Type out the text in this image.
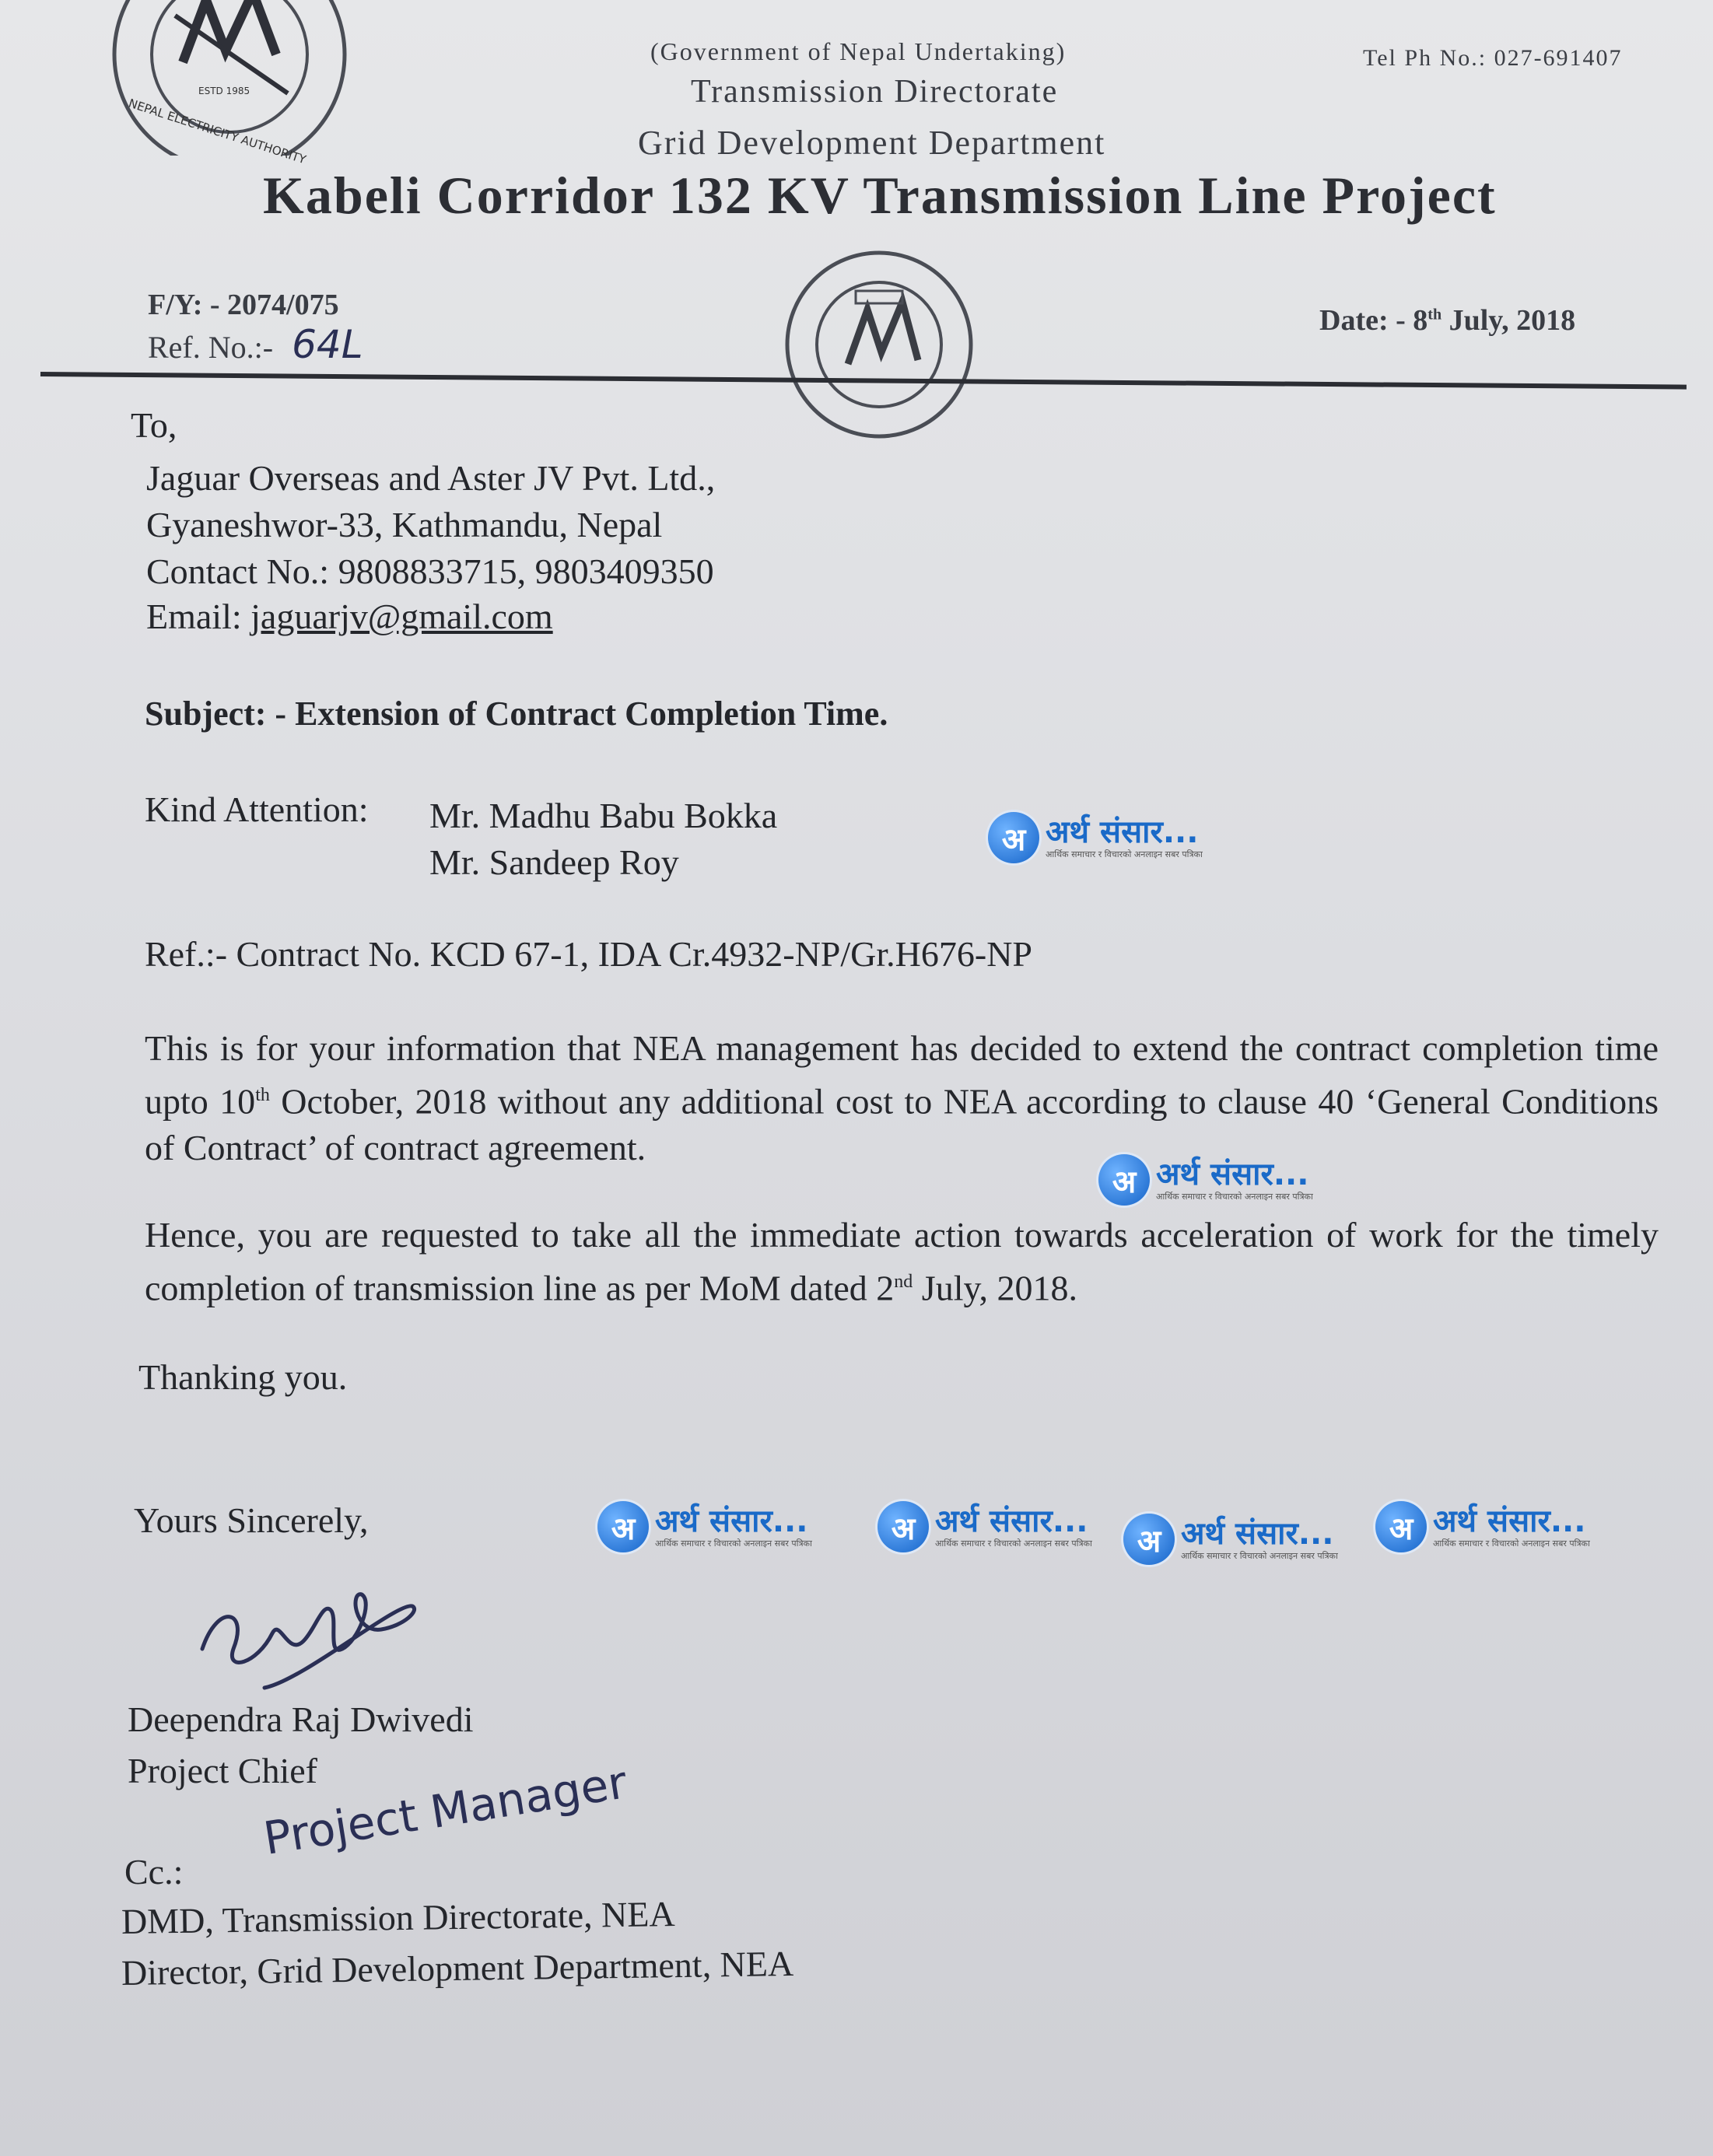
ESTD 1985
NEPAL ELECTRICITY AUTHORITY
(Government of Nepal Undertaking)	Tel Ph No.: 027-691407
Transmission Directorate
Grid Development Department
Kabeli Corridor 132 KV Transmission Line Project
F/Y: - 2074/075
Ref. No.:- 64L
Date: - 8th July, 2018
To,
Jaguar Overseas and Aster JV Pvt. Ltd.,
Gyaneshwor-33, Kathmandu, Nepal
Contact No.: 9808833715, 9803409350
Email: jaguarjv@gmail.com
Subject: - Extension of Contract Completion Time.
Kind Attention: Mr. Madhu Babu Bokka
Mr. Sandeep Roy
Ref.:- Contract No. KCD 67-1, IDA Cr.4932-NP/Gr.H676-NP
This is for your information that NEA management has decided to extend the contract completion time upto 10th October, 2018 without any additional cost to NEA according to clause 40 ‘General Conditions of Contract’ of contract agreement.
Hence, you are requested to take all the immediate action towards acceleration of work for the timely completion of transmission line as per MoM dated 2nd July, 2018.
Thanking you.
Yours Sincerely,
Deependra Raj Dwivedi
Project Chief
Project Manager
Cc.:
DMD, Transmission Directorate, NEA
Director, Grid Development Department, NEA
अ अर्थ संसार...
आर्थिक समाचार र विचारको अनलाइन सबर पत्रिका
अ अर्थ संसार...
आर्थिक समाचार र विचारको अनलाइन सबर पत्रिका
अ अर्थ संसार...
आर्थिक समाचार र विचारको अनलाइन सबर पत्रिका	अ अर्थ संसार...
आर्थिक समाचार र विचारको अनलाइन सबर पत्रिका	अ अर्थ संसार...
आर्थिक समाचार र विचारको अनलाइन सबर पत्रिका
अ अर्थ संसार...
आर्थिक समाचार र विचारको अनलाइन सबर पत्रिका
